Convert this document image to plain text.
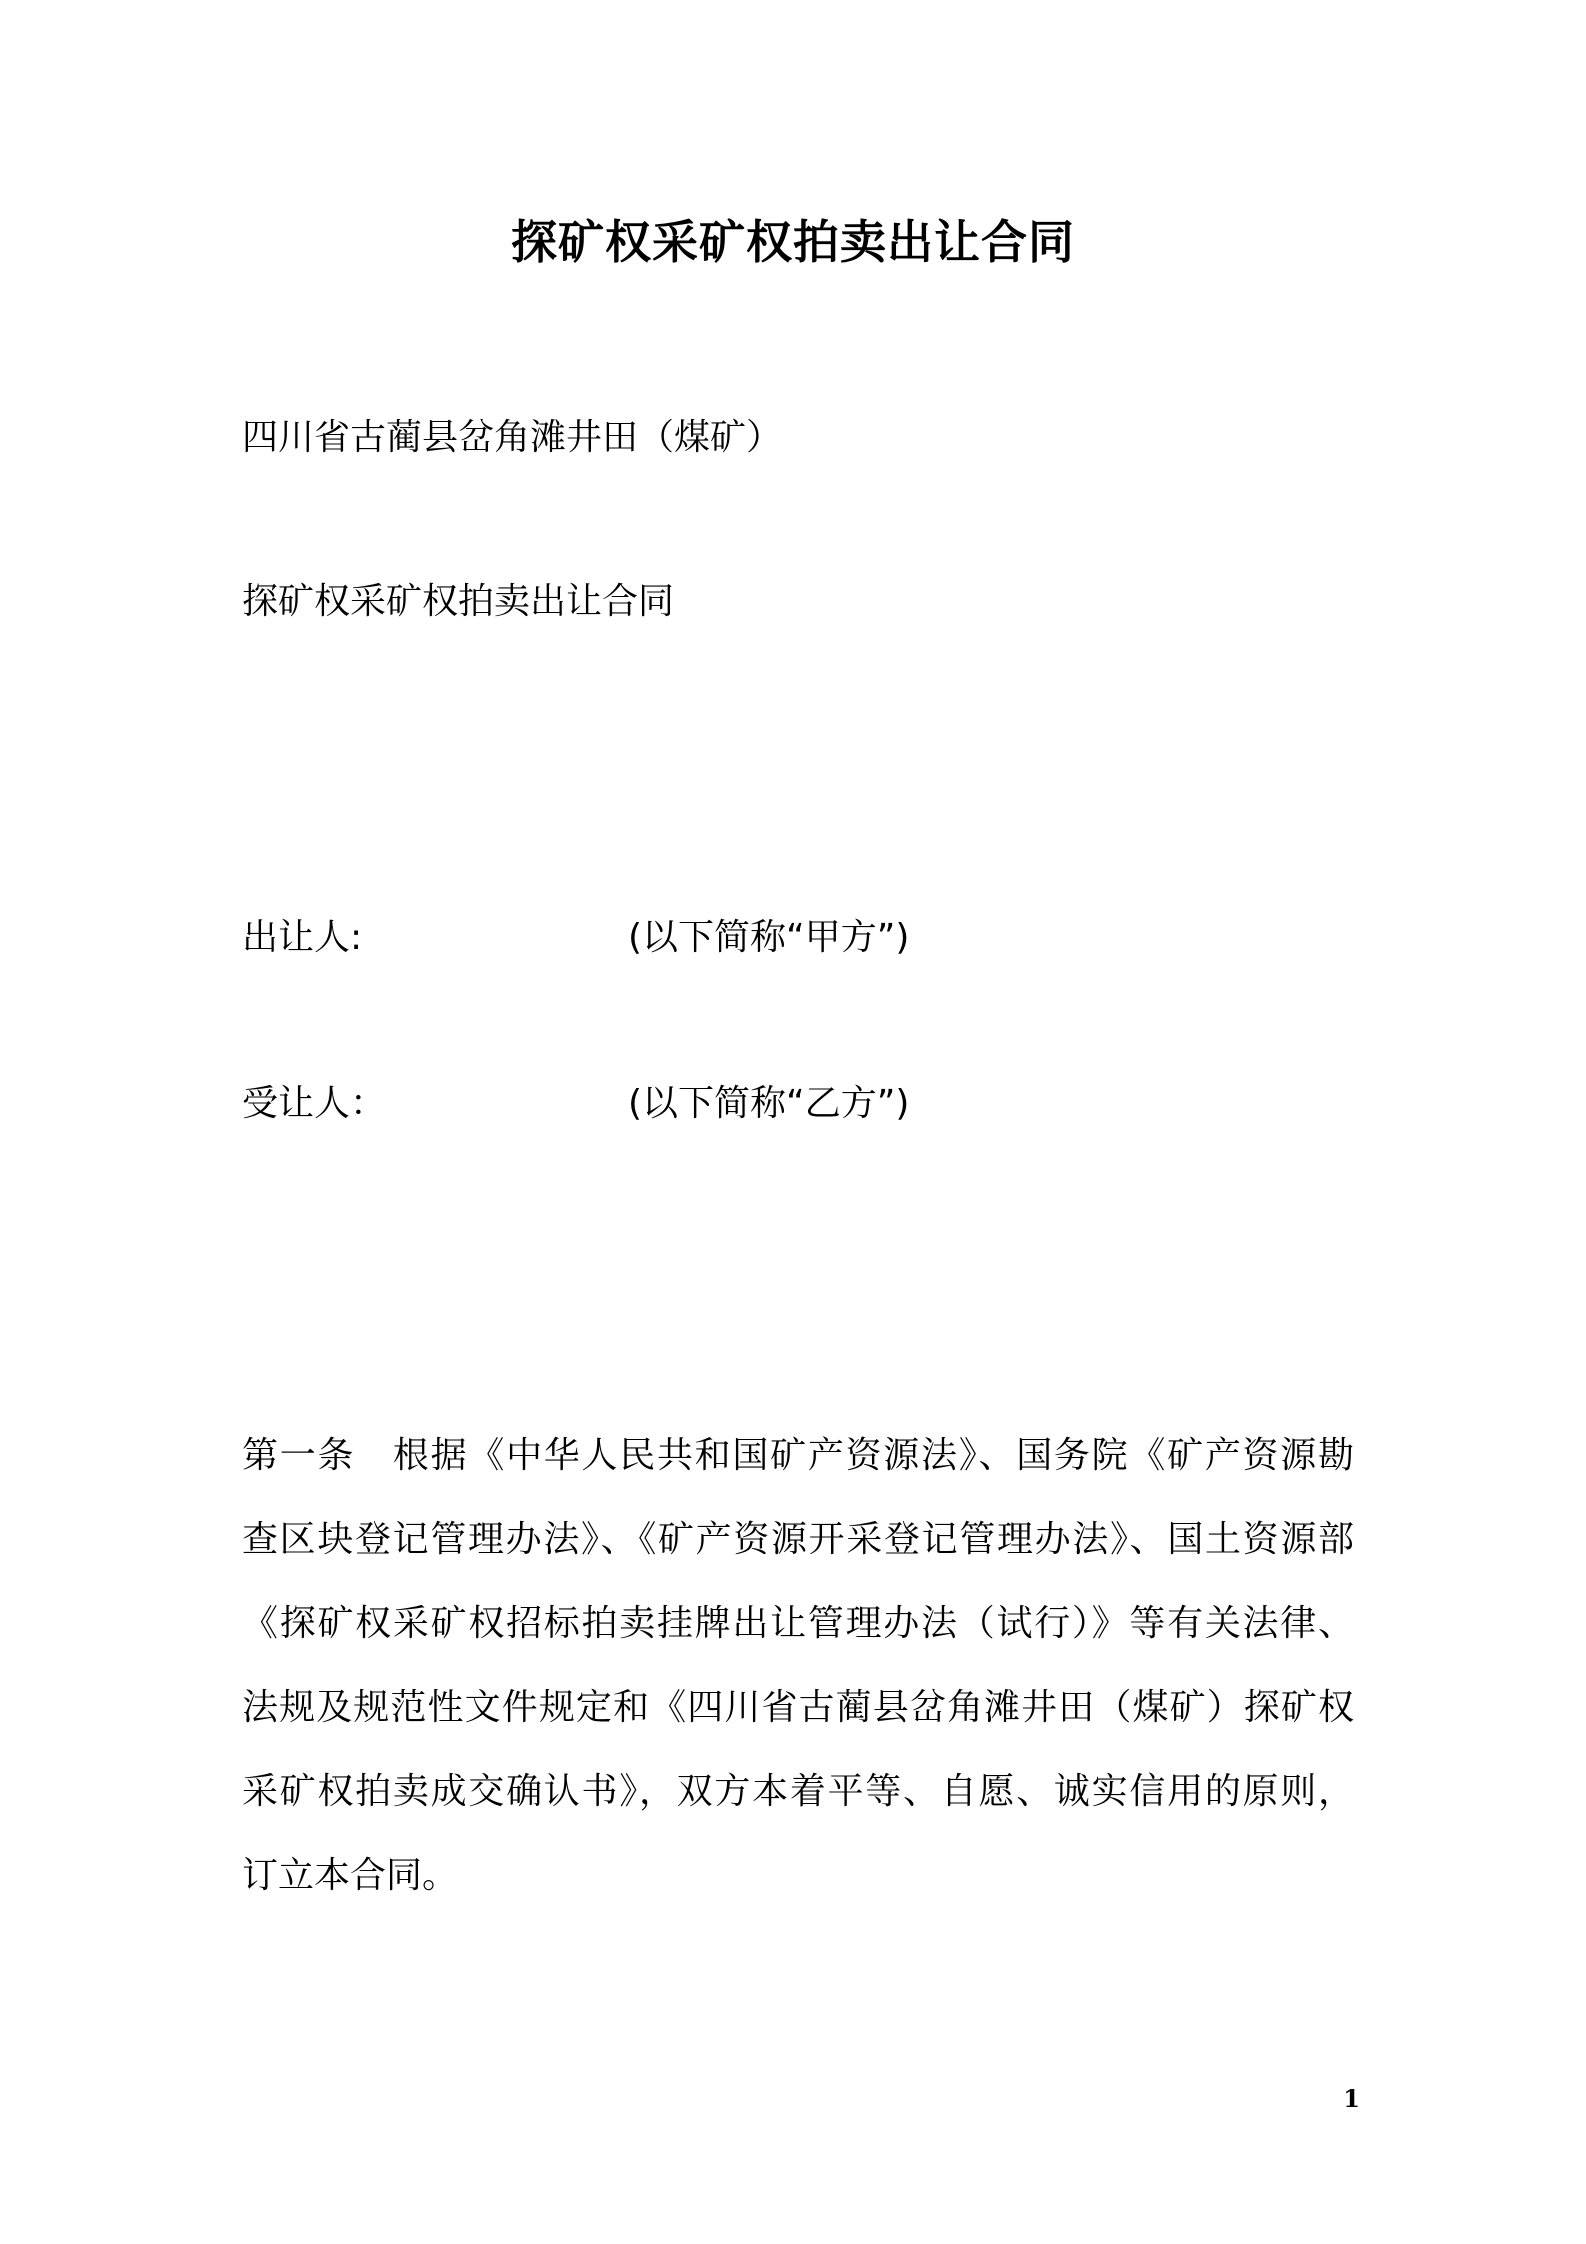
探矿权采矿权拍卖出让合同
四川省古蔺县岔角滩井田（煤矿）
探矿权采矿权拍卖出让合同
出让人:	(以下简称“甲方”)
受让人：	(以下简称“乙方”)
第一条　根据《中华人民共和国矿产资源法》、国务院《矿产资源勘
查区块登记管理办法》、《矿产资源开采登记管理办法》、国土资源部
《探矿权采矿权招标拍卖挂牌出让管理办法（试行）》等有关法律、
法规及规范性文件规定和《四川省古蔺县岔角滩井田（煤矿）探矿权
采矿权拍卖成交确认书》，双方本着平等、自愿、诚实信用的原则，
订立本合同。
1
